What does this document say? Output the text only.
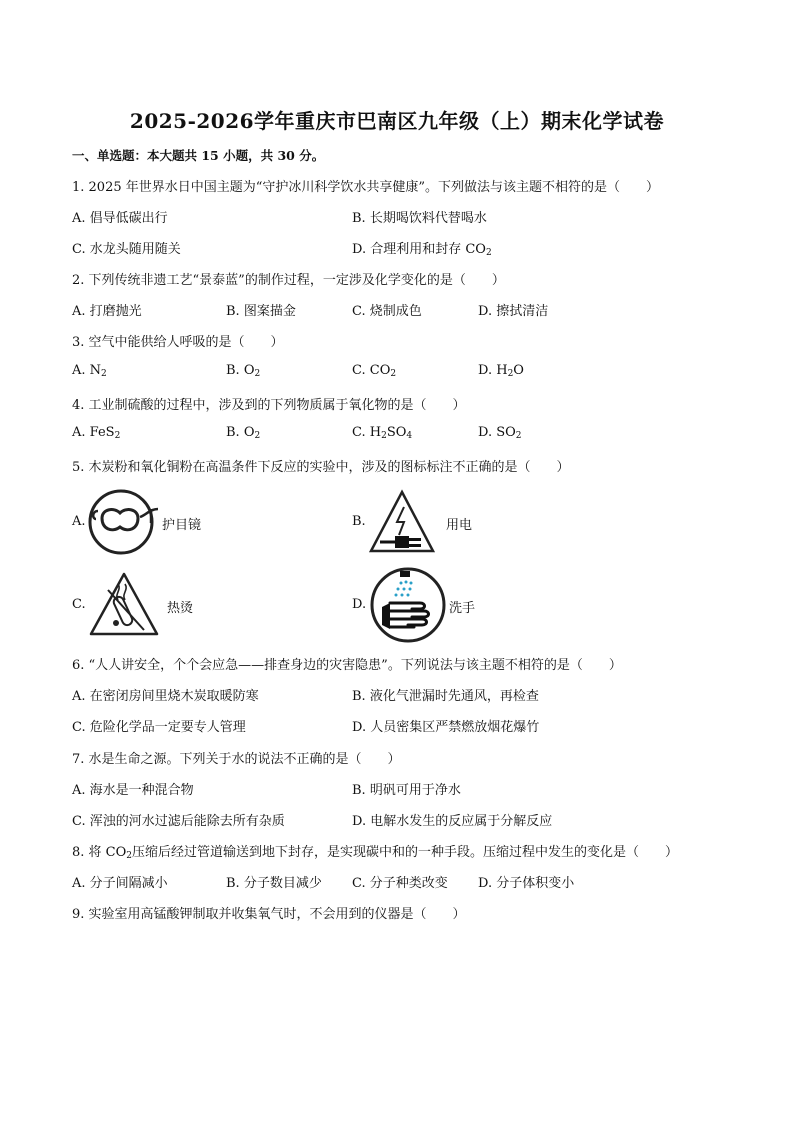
2025-2026学年重庆市巴南区九年级（上）期末化学试卷
一、单选题：本大题共 15 小题，共 30 分。
1. 2025 年世界水日中国主题为“守护冰川科学饮水共享健康”。下列做法与该主题不相符的是（　　）
A. 倡导低碳出行	B. 长期喝饮料代替喝水
C. 水龙头随用随关	D. 合理利用和封存 $CO_2$
2. 下列传统非遗工艺“景泰蓝”的制作过程，一定涉及化学变化的是（　　）
A. 打磨抛光	B. 图案描金	C. 烧制成色	D. 擦拭清洁
3. 空气中能供给人呼吸的是（　　）
A. $N_2$	B. $O_2$	C. $CO_2$	D. $H_2O$
4. 工业制硫酸的过程中，涉及到的下列物质属于氧化物的是（　　）
A. FeS$_2$	B. $O_2$	C. $H_2SO_4$	D. $SO_2$
5. 木炭粉和氧化铜粉在高温条件下反应的实验中，涉及的图标标注不正确的是（　　）
A.	护目镜	B.	用电
C.	热烫	D.	洗手
6. “人人讲安全，个个会应急——排查身边的灾害隐患”。下列说法与该主题不相符的是（　　）
A. 在密闭房间里烧木炭取暖防寒	B. 液化气泄漏时先通风，再检查
C. 危险化学品一定要专人管理	D. 人员密集区严禁燃放烟花爆竹
7. 水是生命之源。下列关于水的说法不正确的是（　　）
A. 海水是一种混合物	B. 明矾可用于净水
C. 浑浊的河水过滤后能除去所有杂质	D. 电解水发生的反应属于分解反应
8. 将 $CO_2$压缩后经过管道输送到地下封存，是实现碳中和的一种手段。压缩过程中发生的变化是（　　）
A. 分子间隔减小	B. 分子数目减少 C. 分子种类改变 D. 分子体积变小
9. 实验室用高锰酸钾制取并收集氧气时，不会用到的仪器是（　　）
